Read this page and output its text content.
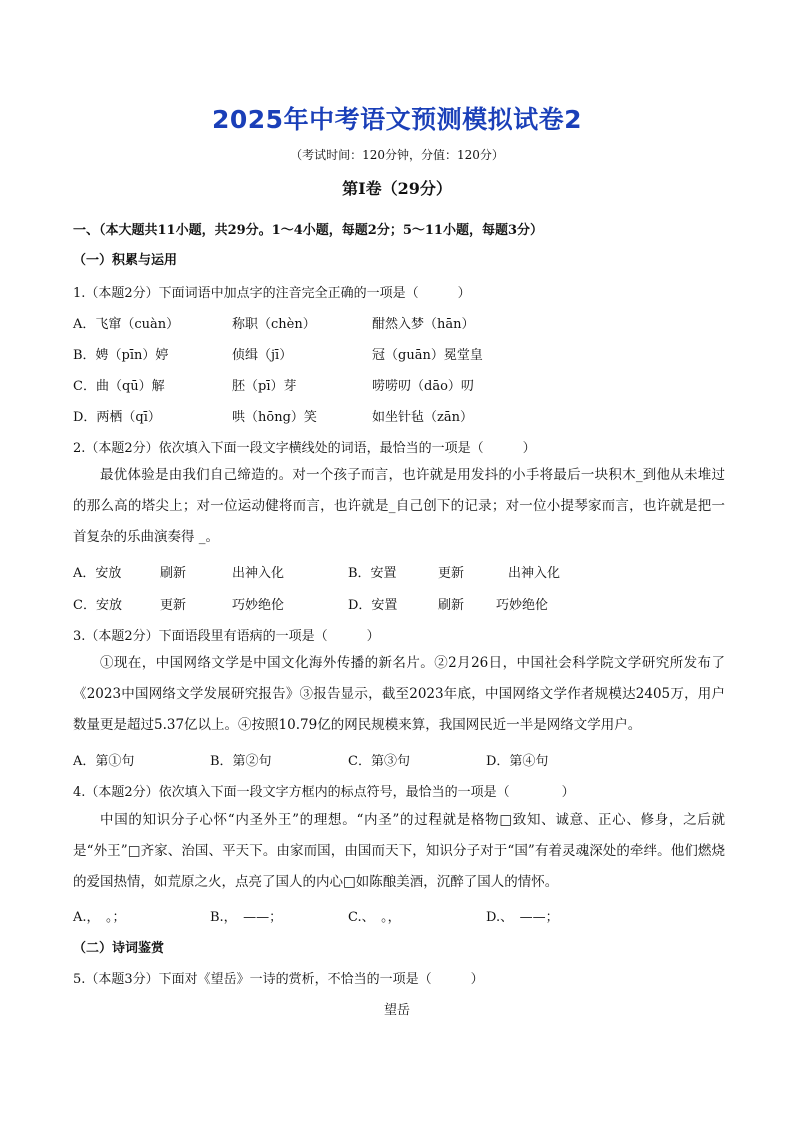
2025年中考语文预测模拟试卷2
（考试时间：120分钟，分值：120分）
第Ⅰ卷（29分）
一、（本大题共11小题，共29分。1～4小题，每题2分；5～11小题，每题3分）
（一）积累与运用
1.（本题2分）下面词语中加点字的注音完全正确的一项是（　　　）
A．飞窜（cuàn）	称职（chèn）	酣然入梦（hān）
B．娉（pīn）婷	侦缉（jī）	冠（guān）冕堂皇
C．曲（qū）解	胚（pī）芽	唠唠叨（dāo）叨
D．两栖（qī）	哄（hōng）笑	如坐针毡（zān）
2.（本题2分）依次填入下面一段文字横线处的词语，最恰当的一项是（　　　）
最优体验是由我们自己缔造的。对一个孩子而言，也许就是用发抖的小手将最后一块积木_到他从未堆过的那么高的塔尖上；对一位运动健将而言，也许就是_自己创下的记录；对一位小提琴家而言，也许就是把一首复杂的乐曲演奏得 _。
A．安放	刷新	出神入化	B．安置	更新	出神入化
C．安放	更新	巧妙绝伦	D．安置	刷新 巧妙绝伦
3.（本题2分）下面语段里有语病的一项是（　　　）
①现在，中国网络文学是中国文化海外传播的新名片。②2月26日，中国社会科学院文学研究所发布了《2023中国网络文学发展研究报告》③报告显示，截至2023年底，中国网络文学作者规模达2405万，用户数量更是超过5.37亿以上。④按照10.79亿的网民规模来算，我国网民近一半是网络文学用户。
A．第①句	B．第②句	C．第③句	D．第④句
4.（本题2分）依次填入下面一段文字方框内的标点符号，最恰当的一项是（　　　　）
中国的知识分子心怀“内圣外王”的理想。“内圣”的过程就是格物□致知、诚意、正心、修身，之后就是“外王”□齐家、治国、平天下。由家而国，由国而天下，知识分子对于“国”有着灵魂深处的牵绊。他们燃烧的爱国热情，如荒原之火，点亮了国人的内心□如陈酿美酒，沉醉了国人的情怀。
A.，　。；	B.，　——；	C.、　。，	D.、　——；
（二）诗词鉴赏
5.（本题3分）下面对《望岳》一诗的赏析，不恰当的一项是（　　　）
望岳
